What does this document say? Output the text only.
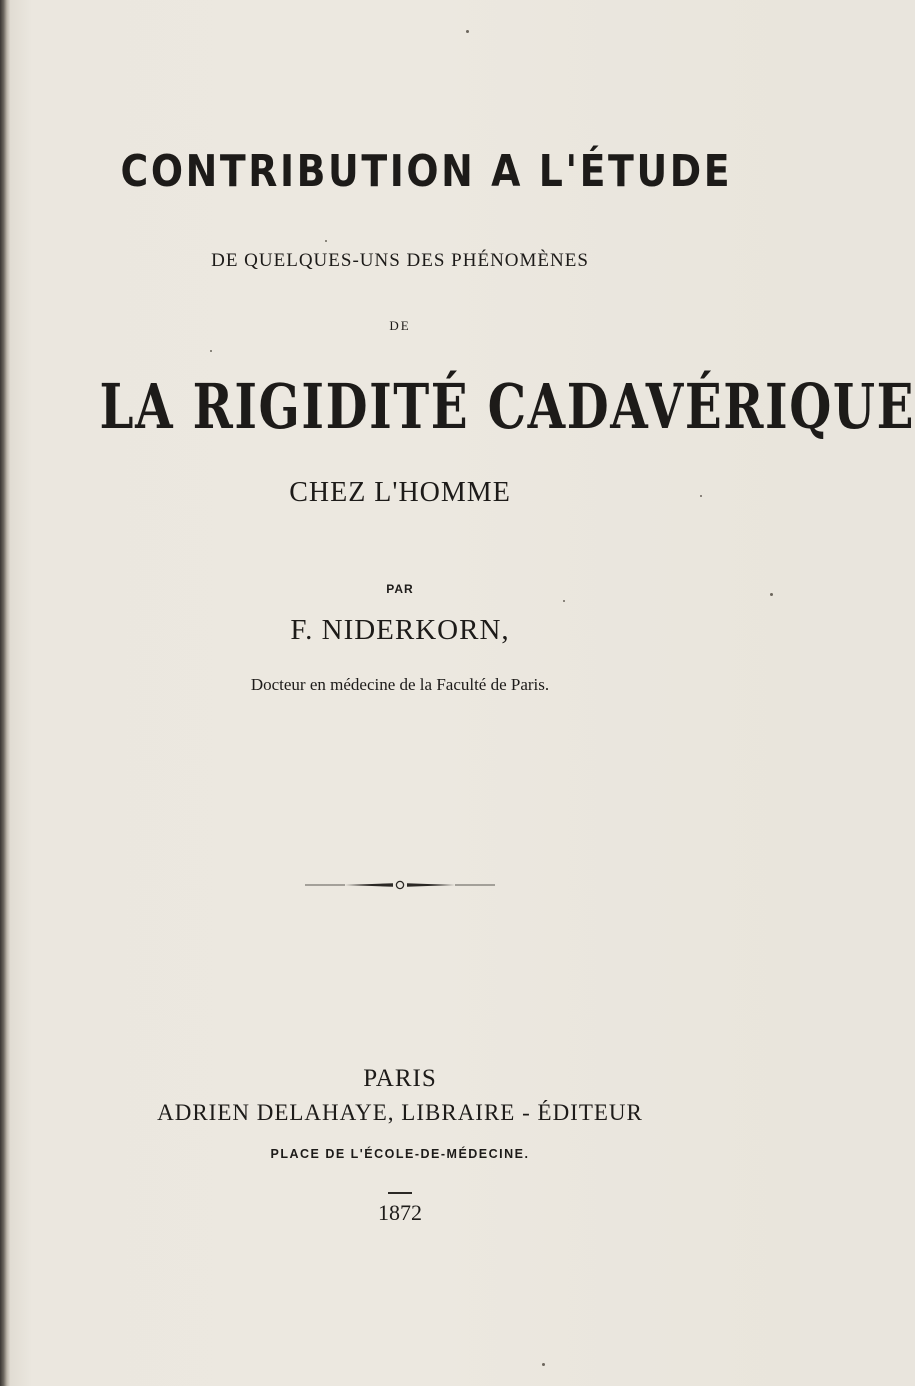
CONTRIBUTION A L'ÉTUDE
DE QUELQUES-UNS DES PHÉNOMÈNES
DE
LA RIGIDITÉ CADAVÉRIQUE
CHEZ L'HOMME
PAR
F. NIDERKORN,
Docteur en médecine de la Faculté de Paris.
PARIS
ADRIEN DELAHAYE, LIBRAIRE - ÉDITEUR
PLACE DE L'ÉCOLE-DE-MÉDECINE.
1872
